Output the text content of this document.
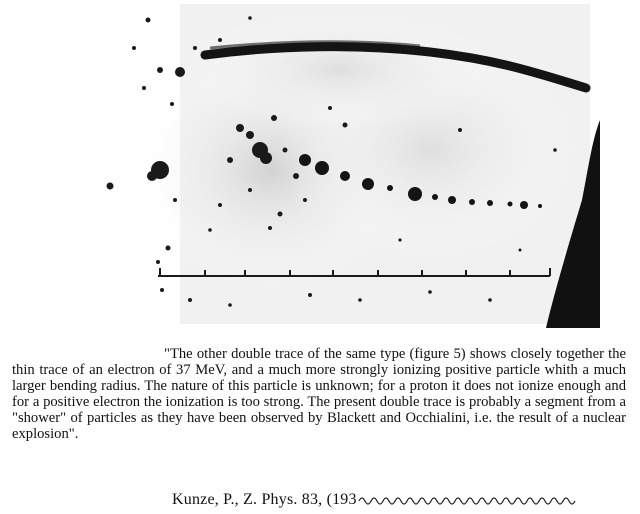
"The other double trace of the same type (figure 5) shows closely together the thin trace of an electron of 37 MeV, and a much more strongly ionizing positive particle whith a much larger bending radius. The nature of this particle is unknown; for a proton it does not ionize enough and for a positive electron the ionization is too strong. The present double trace is probably a segment from a "shower" of particles as they have been observed by Blackett and Occhialini, i.e. the result of a nuclear explosion".

Kunze, P., Z. Phys. 83, (193
